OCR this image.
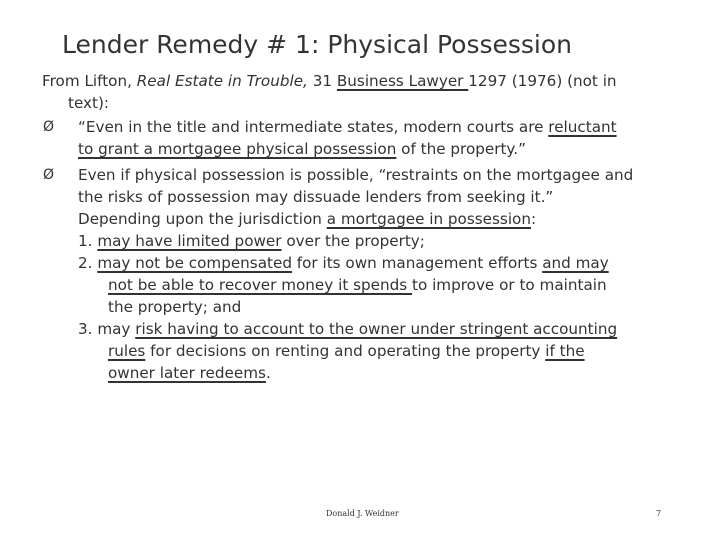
Lender Remedy # 1: Physical Possession
From Lifton, Real Estate in Trouble, 31 Business Lawyer 1297 (1976) (not in
text):
Ø “Even in the title and intermediate states, modern courts are reluctant
to grant a mortgagee physical possession of the property.”
Ø Even if physical possession is possible, “restraints on the mortgagee and
the risks of possession may dissuade lenders from seeking it.”
Depending upon the jurisdiction a mortgagee in possession:
1. may have limited power over the property;
2. may not be compensated for its own management efforts and may
not be able to recover money it spends to improve or to maintain
the property; and
3. may risk having to account to the owner under stringent accounting
rules for decisions on renting and operating the property if the
owner later redeems.
Donald J. Weidner	7
